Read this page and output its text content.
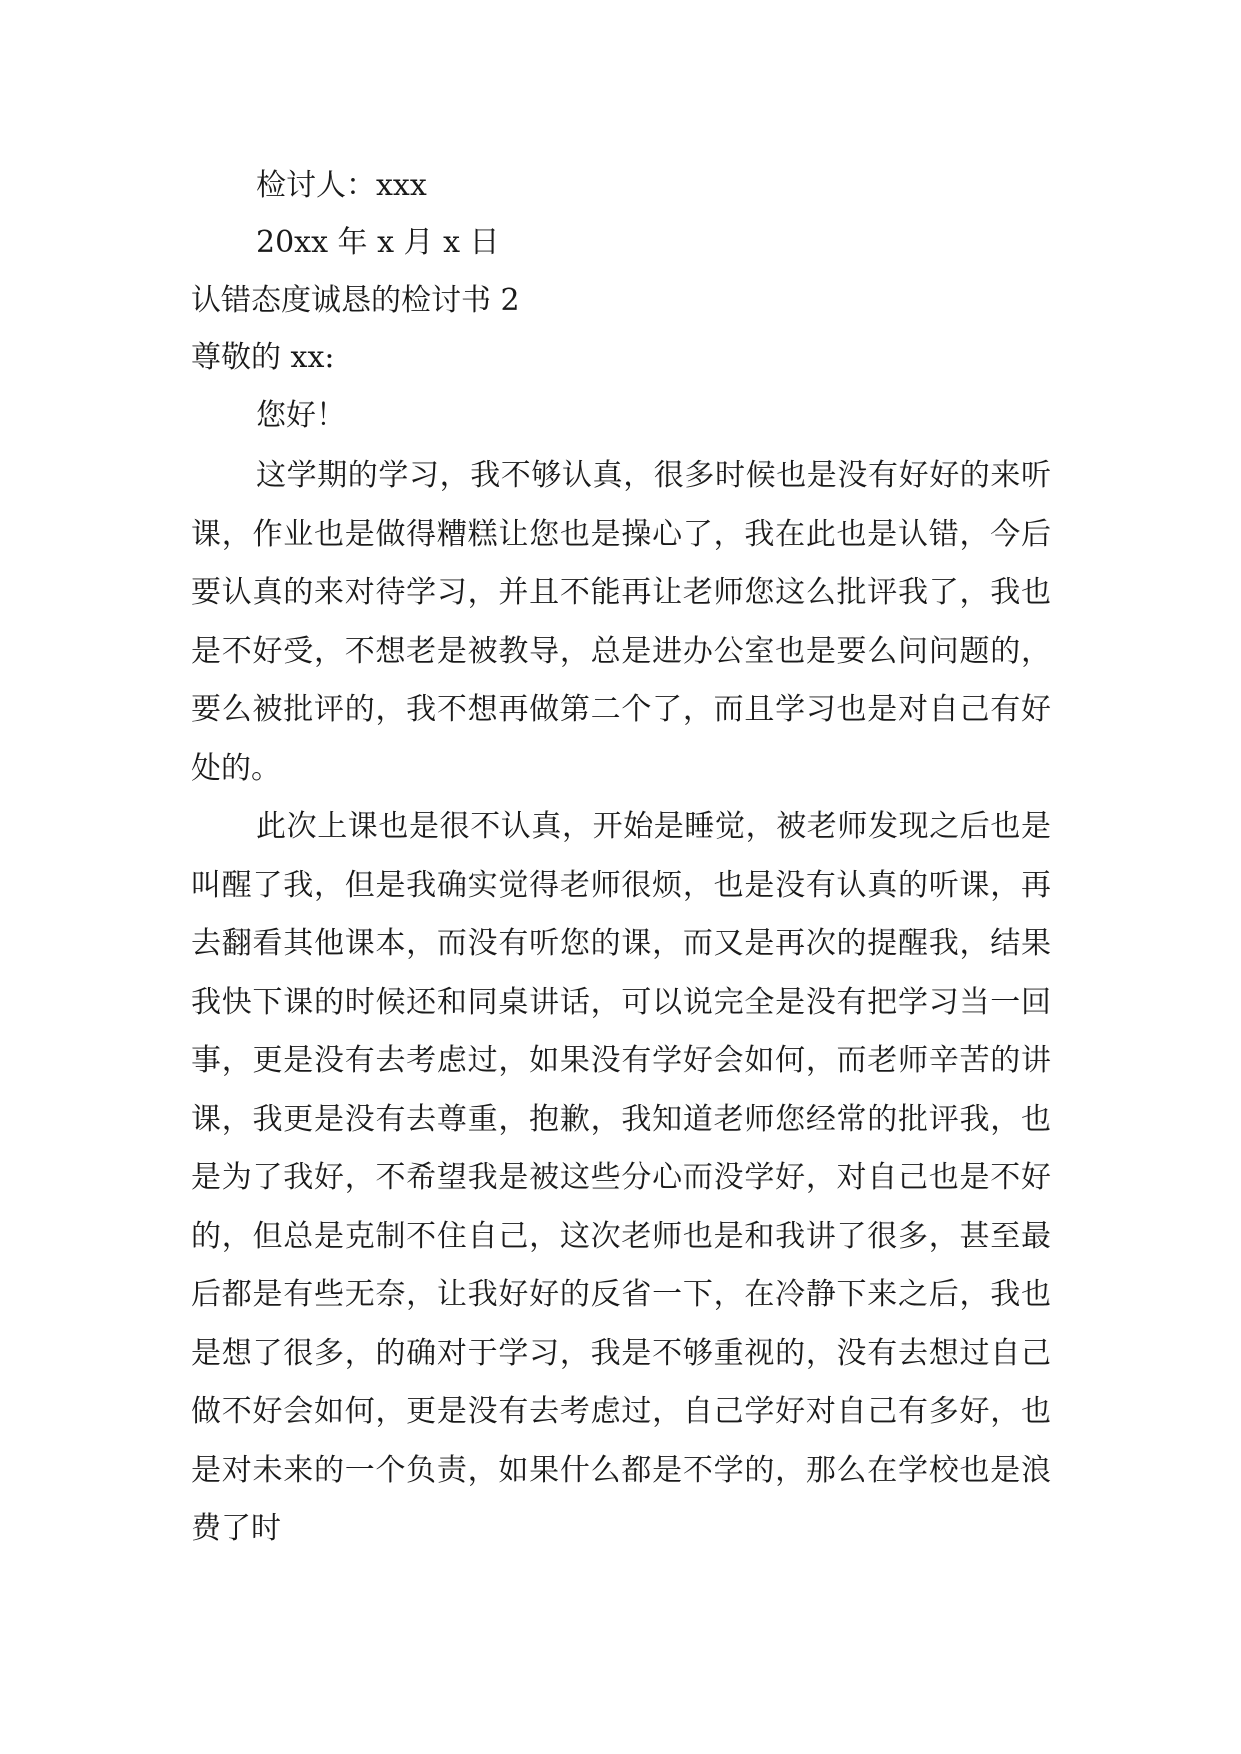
检讨人：xxx
20xx 年 x 月 x 日
认错态度诚恳的检讨书 2
尊敬的 xx:
您好！

这学期的学习，我不够认真，很多时候也是没有好好的来听课，作业也是做得糟糕让您也是操心了，我在此也是认错，今后要认真的来对待学习，并且不能再让老师您这么批评我了，我也是不好受，不想老是被教导，总是进办公室也是要么问问题的，要么被批评的，我不想再做第二个了，而且学习也是对自己有好处的。

此次上课也是很不认真，开始是睡觉，被老师发现之后也是叫醒了我，但是我确实觉得老师很烦，也是没有认真的听课，再去翻看其他课本，而没有听您的课，而又是再次的提醒我，结果我快下课的时候还和同桌讲话，可以说完全是没有把学习当一回事，更是没有去考虑过，如果没有学好会如何，而老师辛苦的讲课，我更是没有去尊重，抱歉，我知道老师您经常的批评我，也是为了我好，不希望我是被这些分心而没学好，对自己也是不好的，但总是克制不住自己，这次老师也是和我讲了很多，甚至最后都是有些无奈，让我好好的反省一下，在冷静下来之后，我也是想了很多，的确对于学习，我是不够重视的，没有去想过自己做不好会如何，更是没有去考虑过，自己学好对自己有多好，也是对未来的一个负责，如果什么都是不学的，那么在学校也是浪费了时
